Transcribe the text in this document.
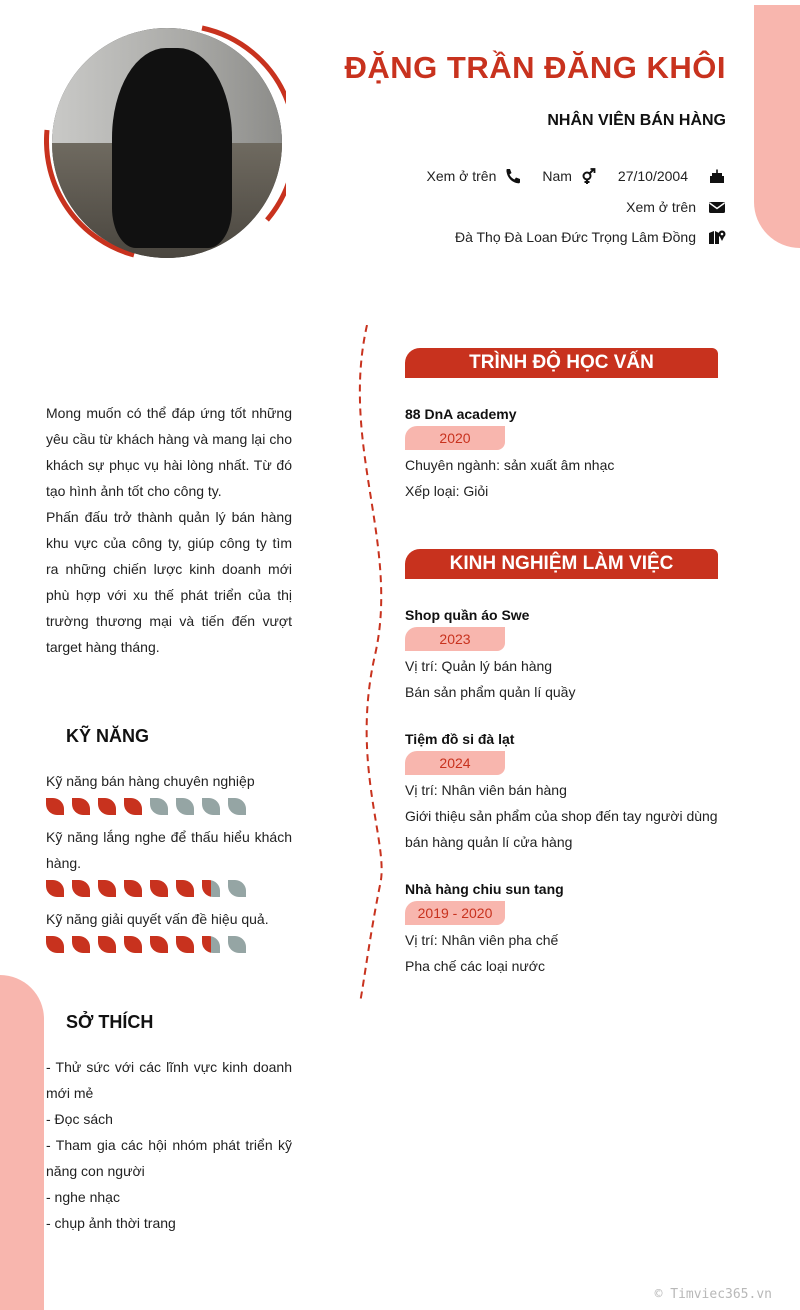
ĐẶNG TRẦN ĐĂNG KHÔI
NHÂN VIÊN BÁN HÀNG
Xem ở trên	Nam	27/10/2004
Xem ở trên
Đà Thọ Đà Loan Đức Trọng Lâm Đồng

Mong muốn có thể đáp ứng tốt những yêu cầu từ khách hàng và mang lại cho khách sự phục vụ hài lòng nhất. Từ đó tạo hình ảnh tốt cho công ty.

Phấn đấu trở thành quản lý bán hàng khu vực của công ty, giúp công ty tìm ra những chiến lược kinh doanh mới phù hợp với xu thế phát triển của thị trường thương mại và tiến đến vượt target hàng tháng.

KỸ NĂNG
Kỹ năng bán hàng chuyên nghiệp
Kỹ năng lắng nghe để thấu hiểu khách hàng.
Kỹ năng giải quyết vấn đề hiệu quả.
SỞ THÍCH

- Thử sức với các lĩnh vực kinh doanh mới mẻ

- Đọc sách

- Tham gia các hội nhóm phát triển kỹ năng con người

- nghe nhạc

- chụp ảnh thời trang

TRÌNH ĐỘ HỌC VẤN
88 DnA academy
2020
Chuyên ngành: sản xuất âm nhạc
Xếp loại: Giỏi
KINH NGHIỆM LÀM VIỆC
Shop quần áo Swe
2023
Vị trí: Quản lý bán hàng
Bán sản phẩm quản lí quầy
Tiệm đồ si đà lạt
2024
Vị trí: Nhân viên bán hàng
Giới thiệu sản phẩm của shop đến tay người dùng
bán hàng quản lí cửa hàng
Nhà hàng chiu sun tang
2019 - 2020
Vị trí: Nhân viên pha chế
Pha chế các loại nước
© Timviec365.vn
